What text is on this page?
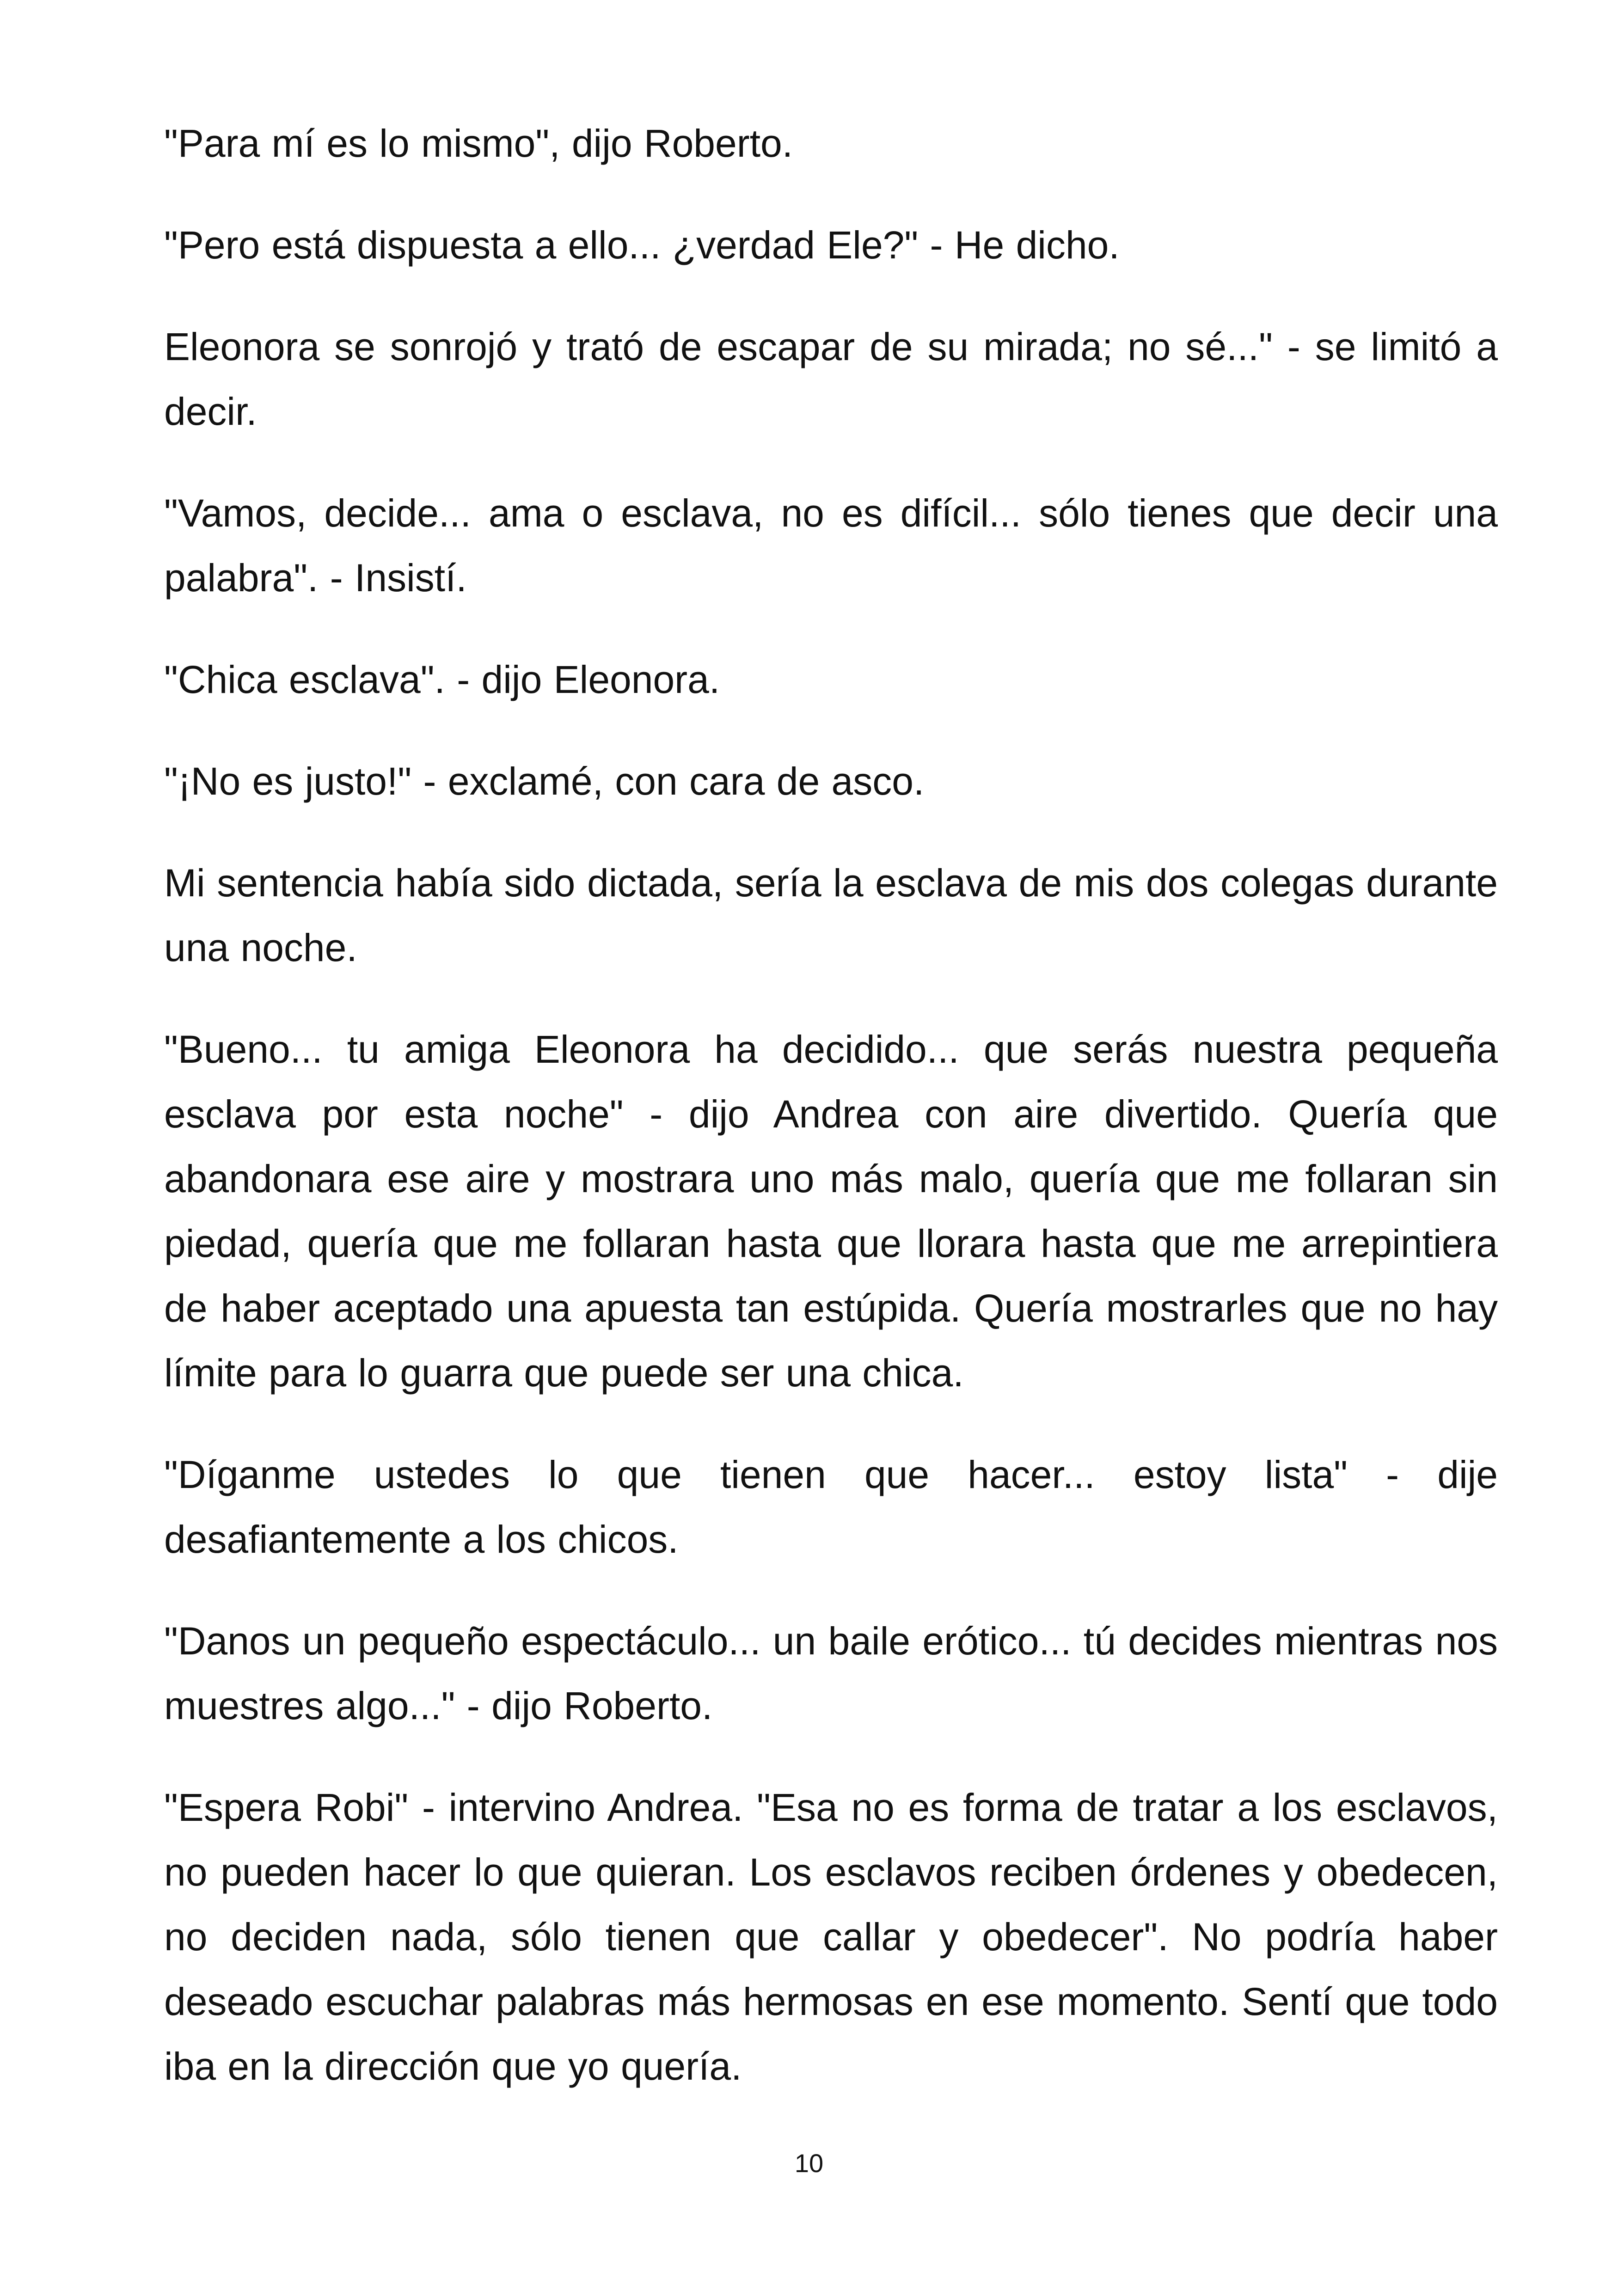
"Para mí es lo mismo", dijo Roberto.

"Pero está dispuesta a ello... ¿verdad Ele?" - He dicho.

Eleonora se sonrojó y trató de escapar de su mirada; no sé..." - se limitó a decir.

"Vamos, decide... ama o esclava, no es difícil... sólo tienes que decir una palabra". - Insistí.

"Chica esclava". - dijo Eleonora.

"¡No es justo!" - exclamé, con cara de asco.

Mi sentencia había sido dictada, sería la esclava de mis dos colegas durante una noche.

"Bueno... tu amiga Eleonora ha decidido... que serás nuestra pequeña esclava por esta noche" - dijo Andrea con aire divertido. Quería que abandonara ese aire y mostrara uno más malo, quería que me follaran sin piedad, quería que me follaran hasta que llorara hasta que me arrepintiera de haber aceptado una apuesta tan estúpida. Quería mostrarles que no hay límite para lo guarra que puede ser una chica.

"Díganme ustedes lo que tienen que hacer... estoy lista" - dije desafiantemente a los chicos.

"Danos un pequeño espectáculo... un baile erótico... tú decides mientras nos muestres algo..." - dijo Roberto.

"Espera Robi" - intervino Andrea. "Esa no es forma de tratar a los esclavos, no pueden hacer lo que quieran. Los esclavos reciben órdenes y obedecen, no deciden nada, sólo tienen que callar y obedecer". No podría haber deseado escuchar palabras más hermosas en ese momento. Sentí que todo iba en la dirección que yo quería.

10
